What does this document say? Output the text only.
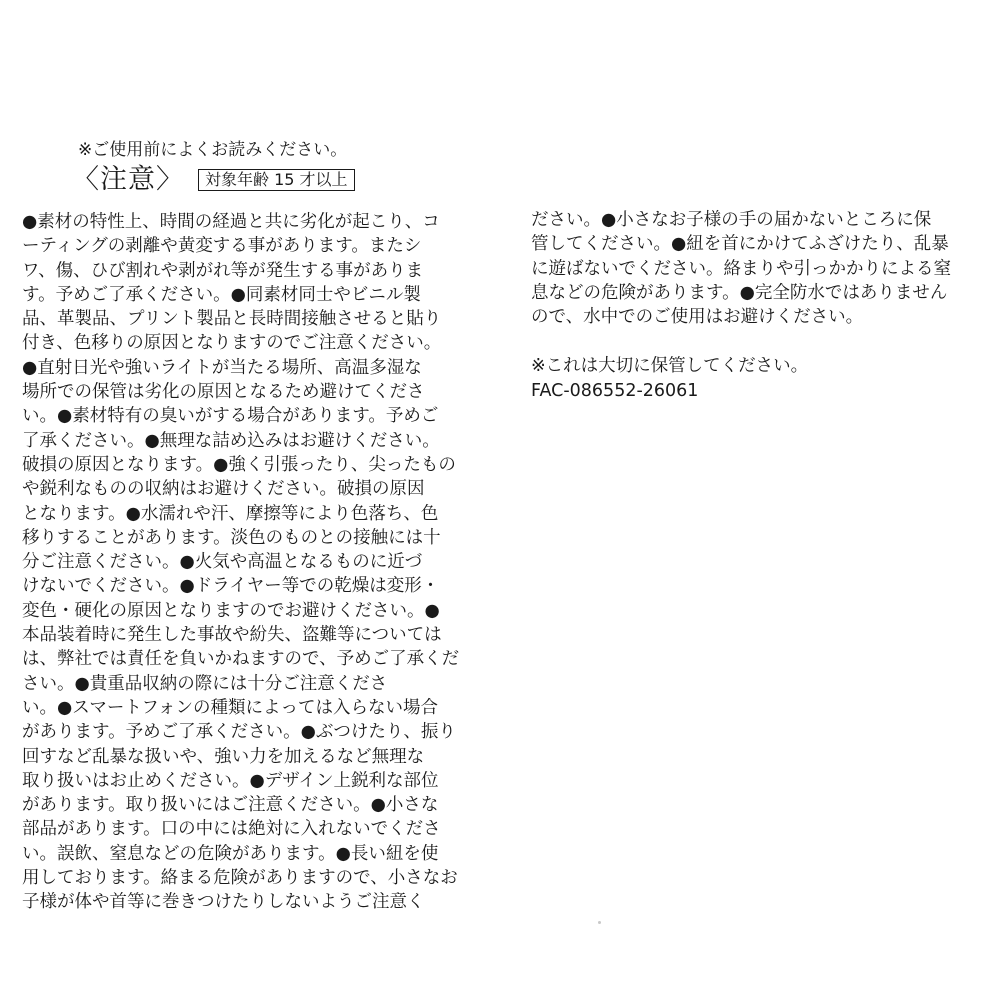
※ご使用前によくお読みください。
〈注意〉	対象年齢 15 才以上
●素材の特性上、時間の経過と共に劣化が起こり、コ
ーティングの剥離や黄変する事があります。またシ
ワ、傷、ひび割れや剥がれ等が発生する事がありま
す。予めご了承ください。●同素材同士やビニル製
品、革製品、プリント製品と長時間接触させると貼り
付き、色移りの原因となりますのでご注意ください。
●直射日光や強いライトが当たる場所、高温多湿な
場所での保管は劣化の原因となるため避けてくださ
い。●素材特有の臭いがする場合があります。予めご
了承ください。●無理な詰め込みはお避けください。
破損の原因となります。●強く引張ったり、尖ったもの
や鋭利なものの収納はお避けください。破損の原因
となります。●水濡れや汗、摩擦等により色落ち、色
移りすることがあります。淡色のものとの接触には十
分ご注意ください。●火気や高温となるものに近づ
けないでください。●ドライヤー等での乾燥は変形・
変色・硬化の原因となりますのでお避けください。●
本品装着時に発生した事故や紛失、盗難等については
は、弊社では責任を負いかねますので、予めご了承くだ
さい。●貴重品収納の際には十分ご注意くださ
い。●スマートフォンの種類によっては入らない場合
があります。予めご了承ください。●ぶつけたり、振り
回すなど乱暴な扱いや、強い力を加えるなど無理な
取り扱いはお止めください。●デザイン上鋭利な部位
があります。取り扱いにはご注意ください。●小さな
部品があります。口の中には絶対に入れないでくださ
い。誤飲、窒息などの危険があります。●長い紐を使
用しております。絡まる危険がありますので、小さなお
子様が体や首等に巻きつけたりしないようご注意く
ださい。●小さなお子様の手の届かないところに保
管してください。●紐を首にかけてふざけたり、乱暴
に遊ばないでください。絡まりや引っかかりによる窒
息などの危険があります。●完全防水ではありません
ので、水中でのご使用はお避けください。
※これは大切に保管してください。
FAC-086552-26061
